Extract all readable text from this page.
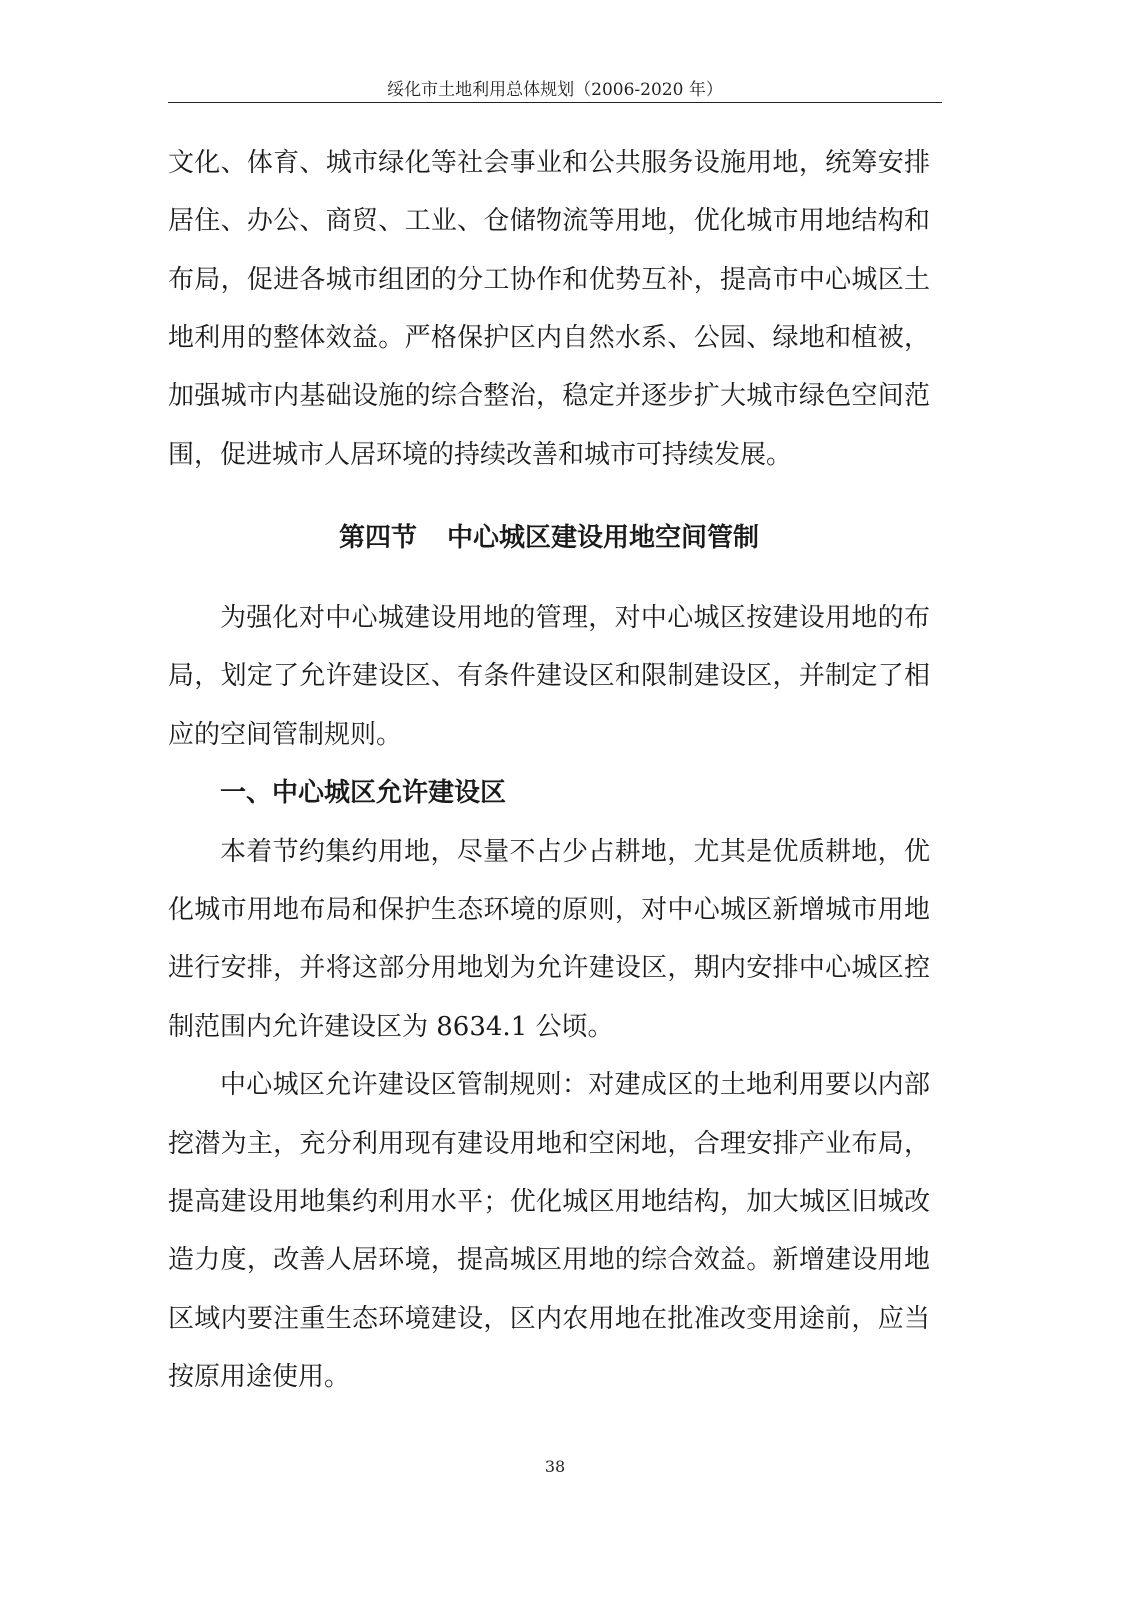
绥化市土地利用总体规划（2006-2020 年）
文化、体育、城市绿化等社会事业和公共服务设施用地，统筹安排
居住、办公、商贸、工业、仓储物流等用地，优化城市用地结构和
布局，促进各城市组团的分工协作和优势互补，提高市中心城区土
地利用的整体效益。严格保护区内自然水系、公园、绿地和植被，
加强城市内基础设施的综合整治，稳定并逐步扩大城市绿色空间范
围，促进城市人居环境的持续改善和城市可持续发展。
第四节 中心城区建设用地空间管制
为强化对中心城建设用地的管理，对中心城区按建设用地的布
局，划定了允许建设区、有条件建设区和限制建设区，并制定了相
应的空间管制规则。
一、中心城区允许建设区
本着节约集约用地，尽量不占少占耕地，尤其是优质耕地，优
化城市用地布局和保护生态环境的原则，对中心城区新增城市用地
进行安排，并将这部分用地划为允许建设区，期内安排中心城区控
制范围内允许建设区为 8634.1 公顷。
中心城区允许建设区管制规则：对建成区的土地利用要以内部
挖潜为主，充分利用现有建设用地和空闲地，合理安排产业布局，
提高建设用地集约利用水平；优化城区用地结构，加大城区旧城改
造力度，改善人居环境，提高城区用地的综合效益。新增建设用地
区域内要注重生态环境建设，区内农用地在批准改变用途前，应当
按原用途使用。
38
